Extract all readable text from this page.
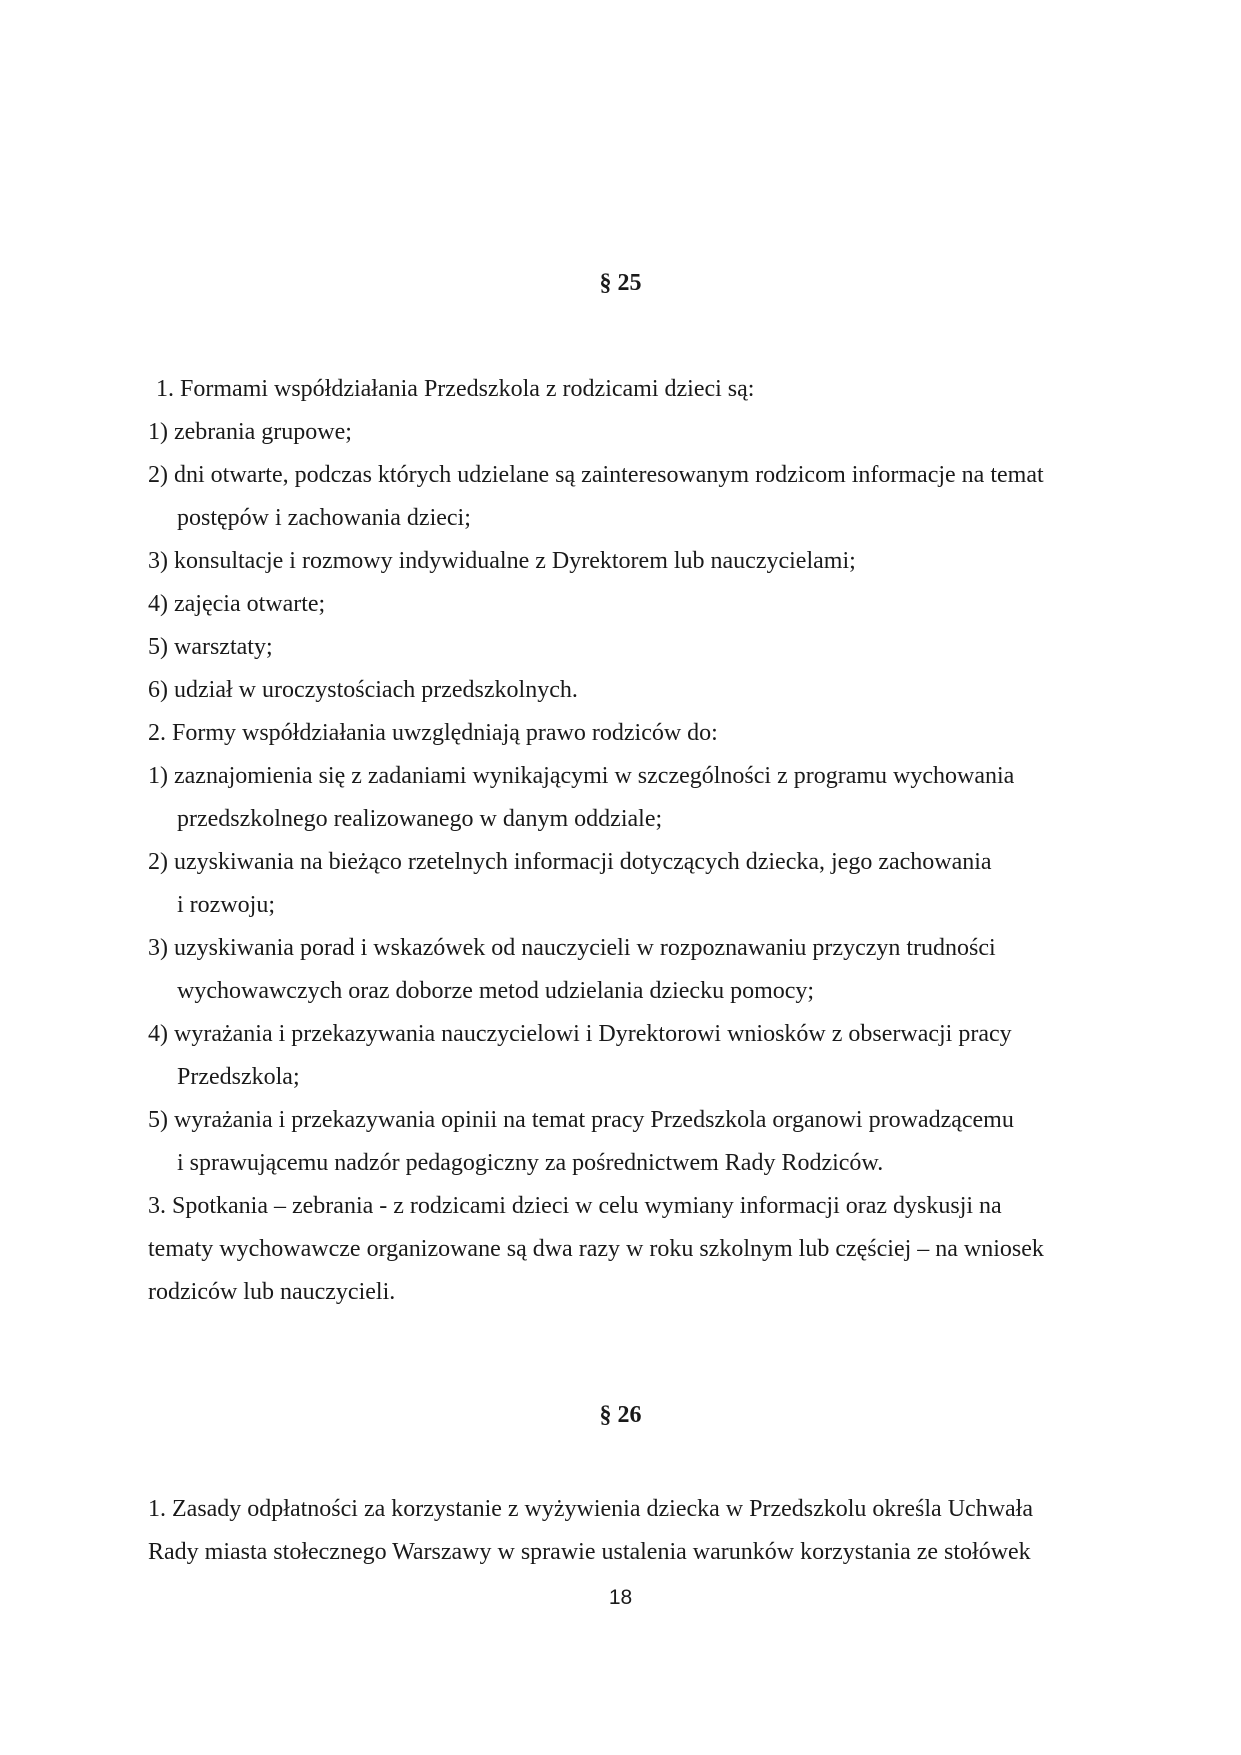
§ 25
1. Formami współdziałania Przedszkola z rodzicami dzieci są:
1) zebrania grupowe;
2) dni otwarte, podczas których udzielane są zainteresowanym rodzicom informacje na temat
postępów i zachowania dzieci;
3) konsultacje i rozmowy indywidualne z Dyrektorem lub nauczycielami;
4) zajęcia otwarte;
5) warsztaty;
6) udział w uroczystościach przedszkolnych.
2. Formy współdziałania uwzględniają prawo rodziców do:
1) zaznajomienia się z zadaniami wynikającymi w szczególności z programu wychowania
przedszkolnego realizowanego w danym oddziale;
2) uzyskiwania na bieżąco rzetelnych informacji dotyczących dziecka, jego zachowania
i rozwoju;
3) uzyskiwania porad i wskazówek od nauczycieli w rozpoznawaniu przyczyn trudności
wychowawczych oraz doborze metod udzielania dziecku pomocy;
4) wyrażania i przekazywania nauczycielowi i Dyrektorowi wniosków z obserwacji pracy
Przedszkola;
5) wyrażania i przekazywania opinii na temat pracy Przedszkola organowi prowadzącemu
i sprawującemu nadzór pedagogiczny za pośrednictwem Rady Rodziców.
3. Spotkania – zebrania - z rodzicami dzieci w celu wymiany informacji oraz dyskusji na
tematy wychowawcze organizowane są dwa razy w roku szkolnym lub częściej – na wniosek
rodziców lub nauczycieli.
§ 26
1. Zasady odpłatności za korzystanie z wyżywienia dziecka w Przedszkolu określa Uchwała
Rady miasta stołecznego Warszawy w sprawie ustalenia warunków korzystania ze stołówek
18
